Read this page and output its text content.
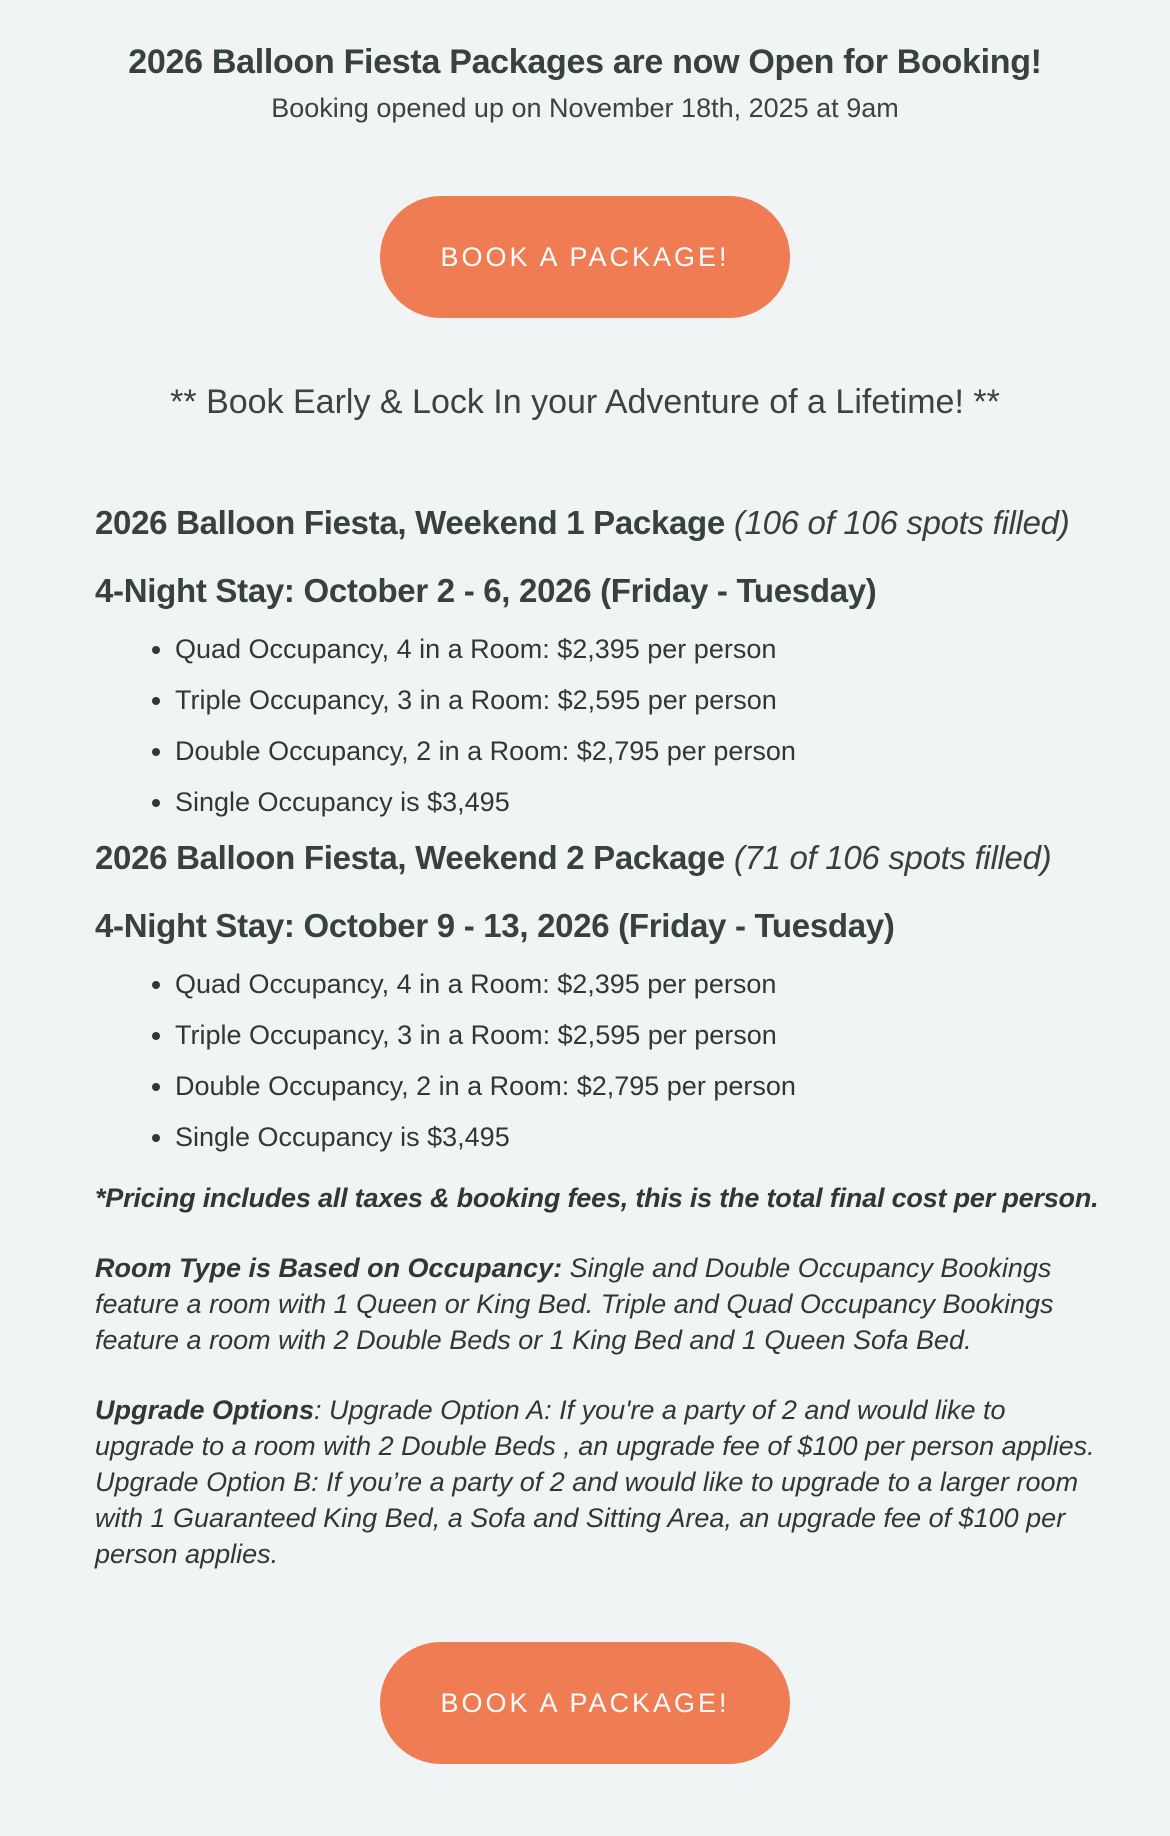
2026 Balloon Fiesta Packages are now Open for Booking!

Booking opened up on November 18th, 2025 at 9am

BOOK A PACKAGE!

** Book Early & Lock In your Adventure of a Lifetime! **

2026 Balloon Fiesta, Weekend 1 Package (106 of 106 spots filled)
4-Night Stay: October 2 - 6, 2026 (Friday - Tuesday)
• Quad Occupancy, 4 in a Room: $2,395 per person
• Triple Occupancy, 3 in a Room: $2,595 per person
• Double Occupancy, 2 in a Room: $2,795 per person
• Single Occupancy is $3,495
2026 Balloon Fiesta, Weekend 2 Package (71 of 106 spots filled)
4-Night Stay: October 9 - 13, 2026 (Friday - Tuesday)
• Quad Occupancy, 4 in a Room: $2,395 per person
• Triple Occupancy, 3 in a Room: $2,595 per person
• Double Occupancy, 2 in a Room: $2,795 per person
• Single Occupancy is $3,495

*Pricing includes all taxes & booking fees, this is the total final cost per person.

Room Type is Based on Occupancy: Single and Double Occupancy Bookings feature a room with 1 Queen or King Bed. Triple and Quad Occupancy Bookings feature a room with 2 Double Beds or 1 King Bed and 1 Queen Sofa Bed.

Upgrade Options: Upgrade Option A: If you're a party of 2 and would like to upgrade to a room with 2 Double Beds , an upgrade fee of $100 per person applies. Upgrade Option B: If you’re a party of 2 and would like to upgrade to a larger room with 1 Guaranteed King Bed, a Sofa and Sitting Area, an upgrade fee of $100 per person applies.

BOOK A PACKAGE!
